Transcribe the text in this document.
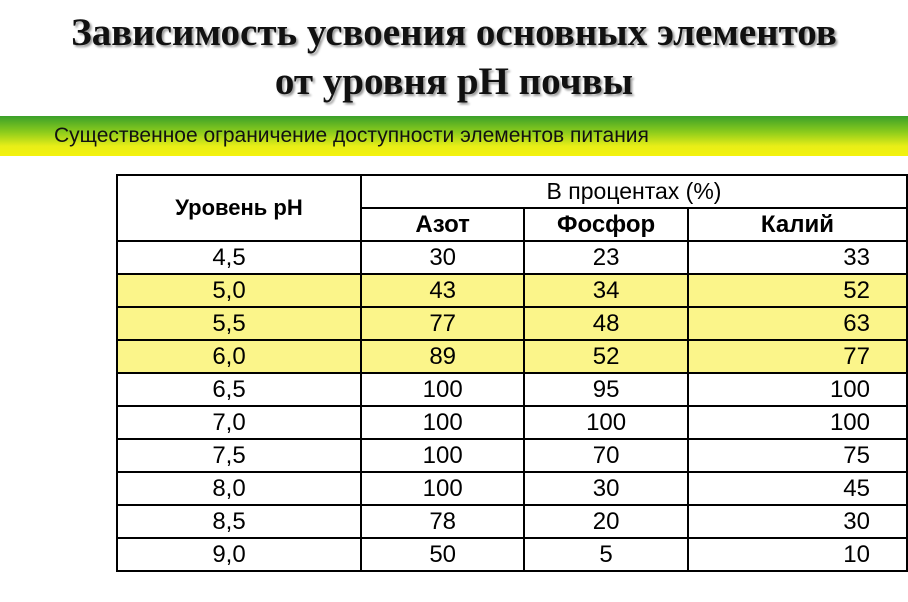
Зависимость усвоения основных элементов
от уровня pH почвы
Существенное ограничение доступности элементов питания
Уровень pH	В процентах (%)		
	Азот	Фосфор	Калий
4,5	30	23	33
5,0	43	34	52
5,5	77	48	63
6,0	89	52	77
6,5	100	95	100
7,0	100	100	100
7,5	100	70	75
8,0	100	30	45
8,5	78	20	30
9,0	50	5	10
